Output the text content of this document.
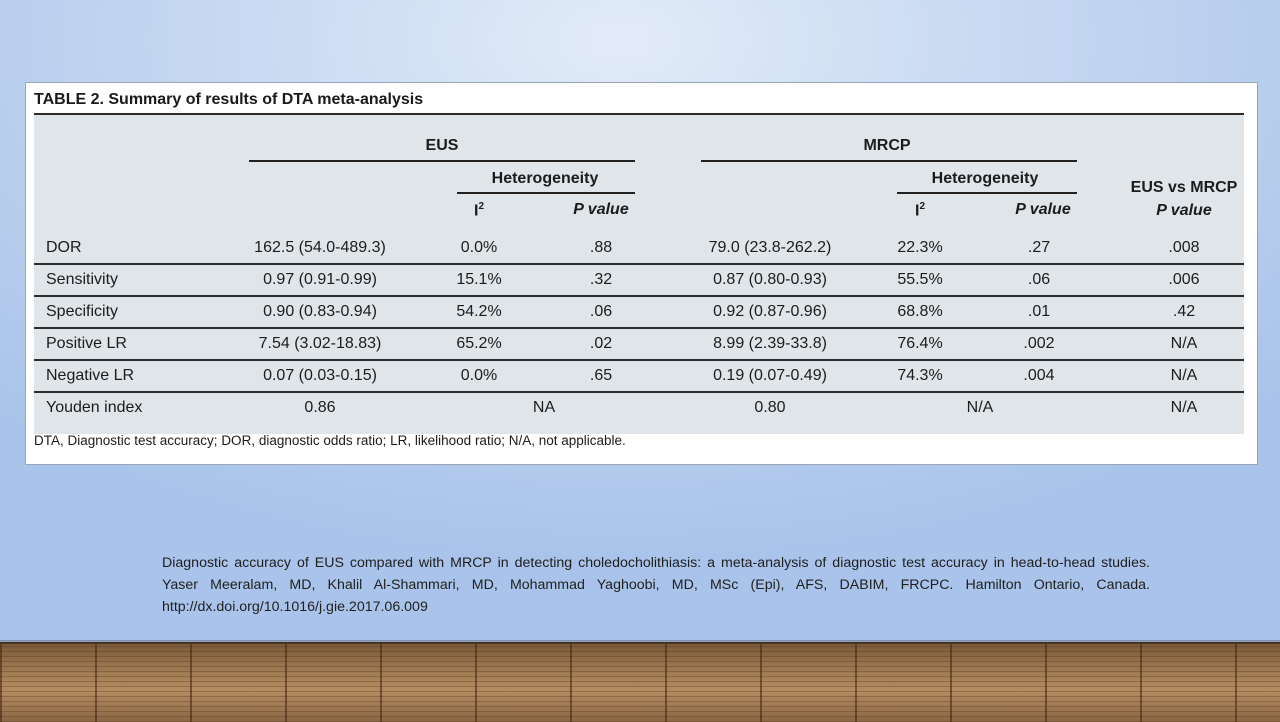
TABLE 2. Summary of results of DTA meta-analysis
EUS	MRCP
EUS vs MRCP
P value
Heterogeneity	Heterogeneity
$I^2$	P value	$I^2$	P value
DOR	162.5 (54.0-489.3)	0.0%	.88	79.0 (23.8-262.2)	22.3%	.27	.008
Sensitivity	0.97 (0.91-0.99)	15.1%	.32	0.87 (0.80-0.93)	55.5%	.06	.006
Specificity	0.90 (0.83-0.94)	54.2%	.06	0.92 (0.87-0.96)	68.8%	.01	.42
Positive LR	7.54 (3.02-18.83)	65.2%	.02	8.99 (2.39-33.8)	76.4%	.002	N/A
Negative LR	0.07 (0.03-0.15)	0.0%	.65	0.19 (0.07-0.49)	74.3%	.004	N/A
Youden index	0.86	NA	0.80	N/A	N/A
DTA, Diagnostic test accuracy; DOR, diagnostic odds ratio; LR, likelihood ratio; N/A, not applicable.
Diagnostic accuracy of EUS compared with MRCP in detecting choledocholithiasis: a meta-analysis of diagnostic test accuracy in head-to-head studies. Yaser Meeralam, MD, Khalil Al-Shammari, MD, Mohammad Yaghoobi, MD, MSc (Epi), AFS, DABIM, FRCPC. Hamilton Ontario, Canada. http://dx.doi.org/10.1016/j.gie.2017.06.009
